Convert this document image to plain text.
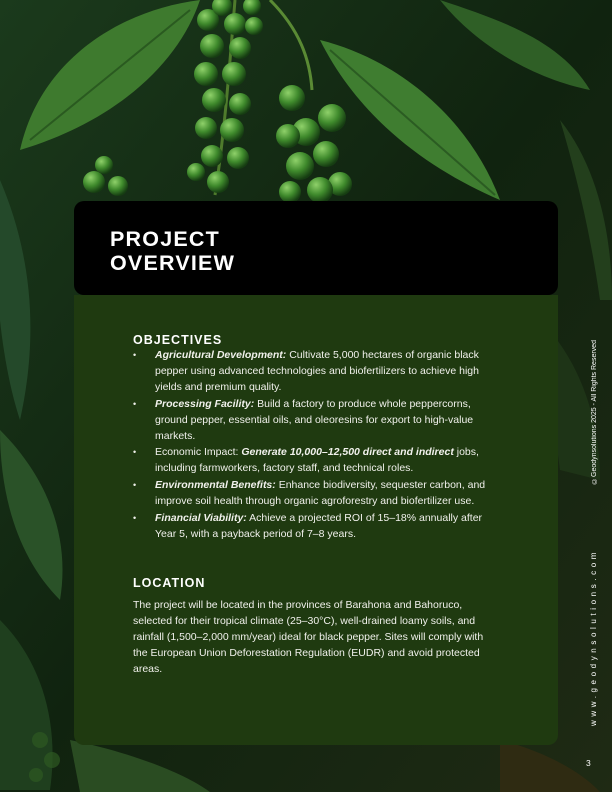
PROJECT
OVERVIEW
OBJECTIVES
• Agricultural Development: Cultivate 5,000 hectares of organic black pepper using advanced technologies and biofertilizers to achieve high yields and premium quality.
• Processing Facility: Build a factory to produce whole peppercorns, ground pepper, essential oils, and oleoresins for export to high-value markets.
• Economic Impact: Generate 10,000–12,500 direct and indirect jobs, including farmworkers, factory staff, and technical roles.
• Environmental Benefits: Enhance biodiversity, sequester carbon, and improve soil health through organic agroforestry and biofertilizer use.
• Financial Viability: Achieve a projected ROI of 15–18% annually after Year 5, with a payback period of 7–8 years.
LOCATION

The project will be located in the provinces of Barahona and Bahoruco, selected for their tropical climate (25–30°C), well-drained loamy soils, and rainfall (1,500–2,000 mm/year) ideal for black pepper. Sites will comply with the European Union Deforestation Regulation (EUDR) and avoid protected areas.

©Geodynsolutions 2025 - All Rights Reserved
www.geodynsolutions.com
3
